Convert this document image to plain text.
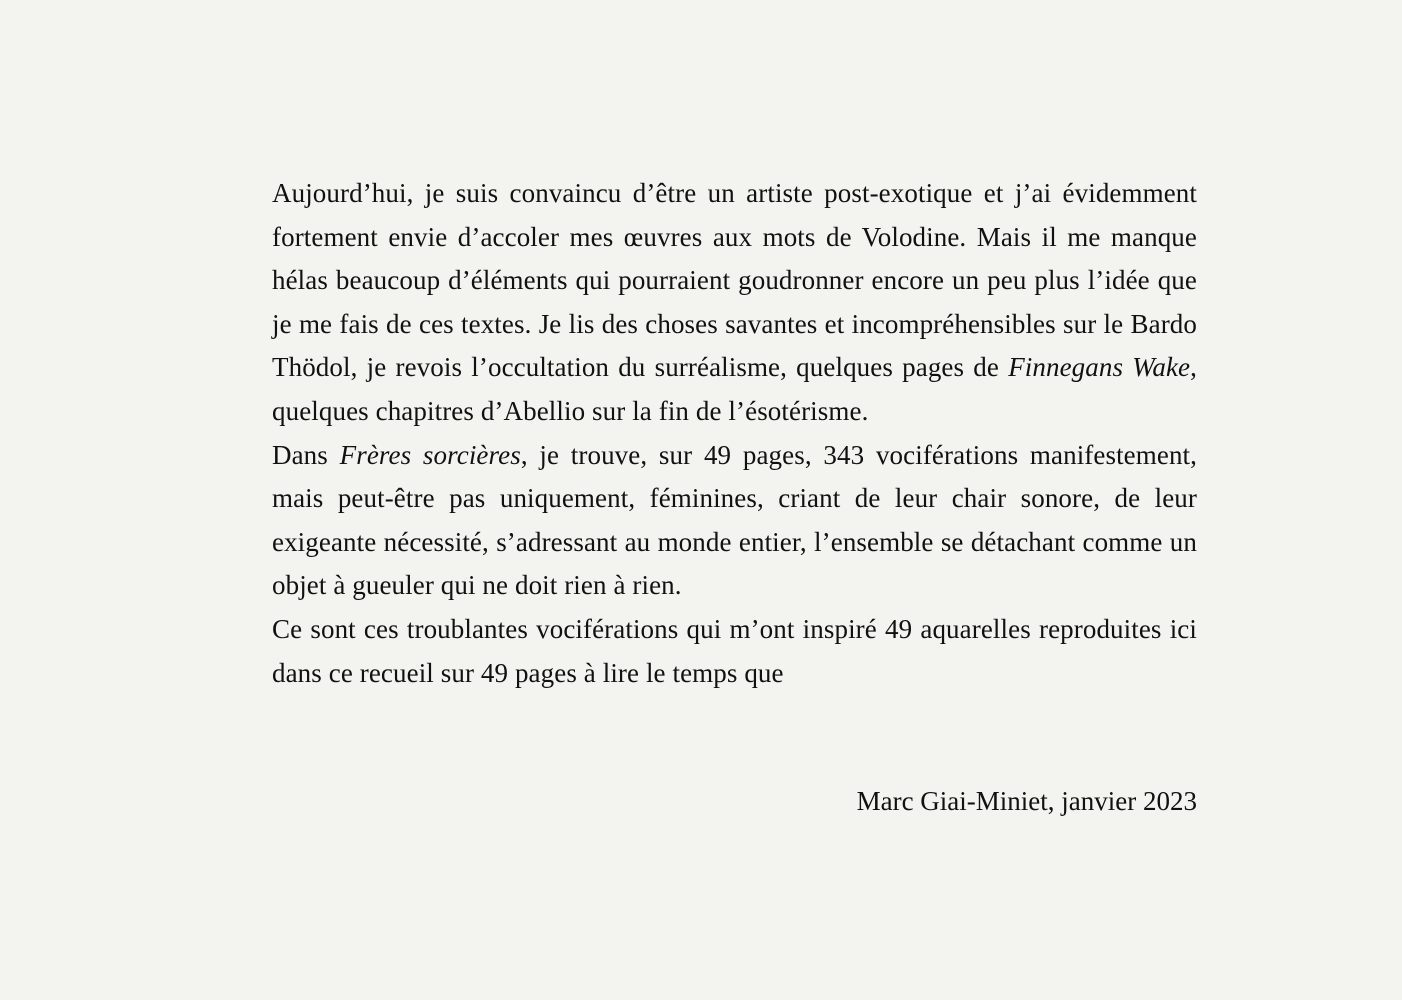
Aujourd’hui, je suis convaincu d’être un artiste post-exotique et j’ai évidemment fortement envie d’accoler mes œuvres aux mots de Volodine. Mais il me manque hélas beaucoup d’éléments qui pourraient goudronner encore un peu plus l’idée que je me fais de ces textes. Je lis des choses savantes et incompréhensibles sur le Bardo Thödol, je revois l’occultation du surréalisme, quelques pages de Finnegans Wake, quelques chapitres d’Abellio sur la fin de l’ésotérisme.

Dans Frères sorcières, je trouve, sur 49 pages, 343 vociférations manifestement, mais peut-être pas uniquement, féminines, criant de leur chair sonore, de leur exigeante nécessité, s’adressant au monde entier, l’ensemble se détachant comme un objet à gueuler qui ne doit rien à rien.

Ce sont ces troublantes vociférations qui m’ont inspiré 49 aquarelles reproduites ici dans ce recueil sur 49 pages à lire le temps que

Marc Giai-Miniet, janvier 2023
